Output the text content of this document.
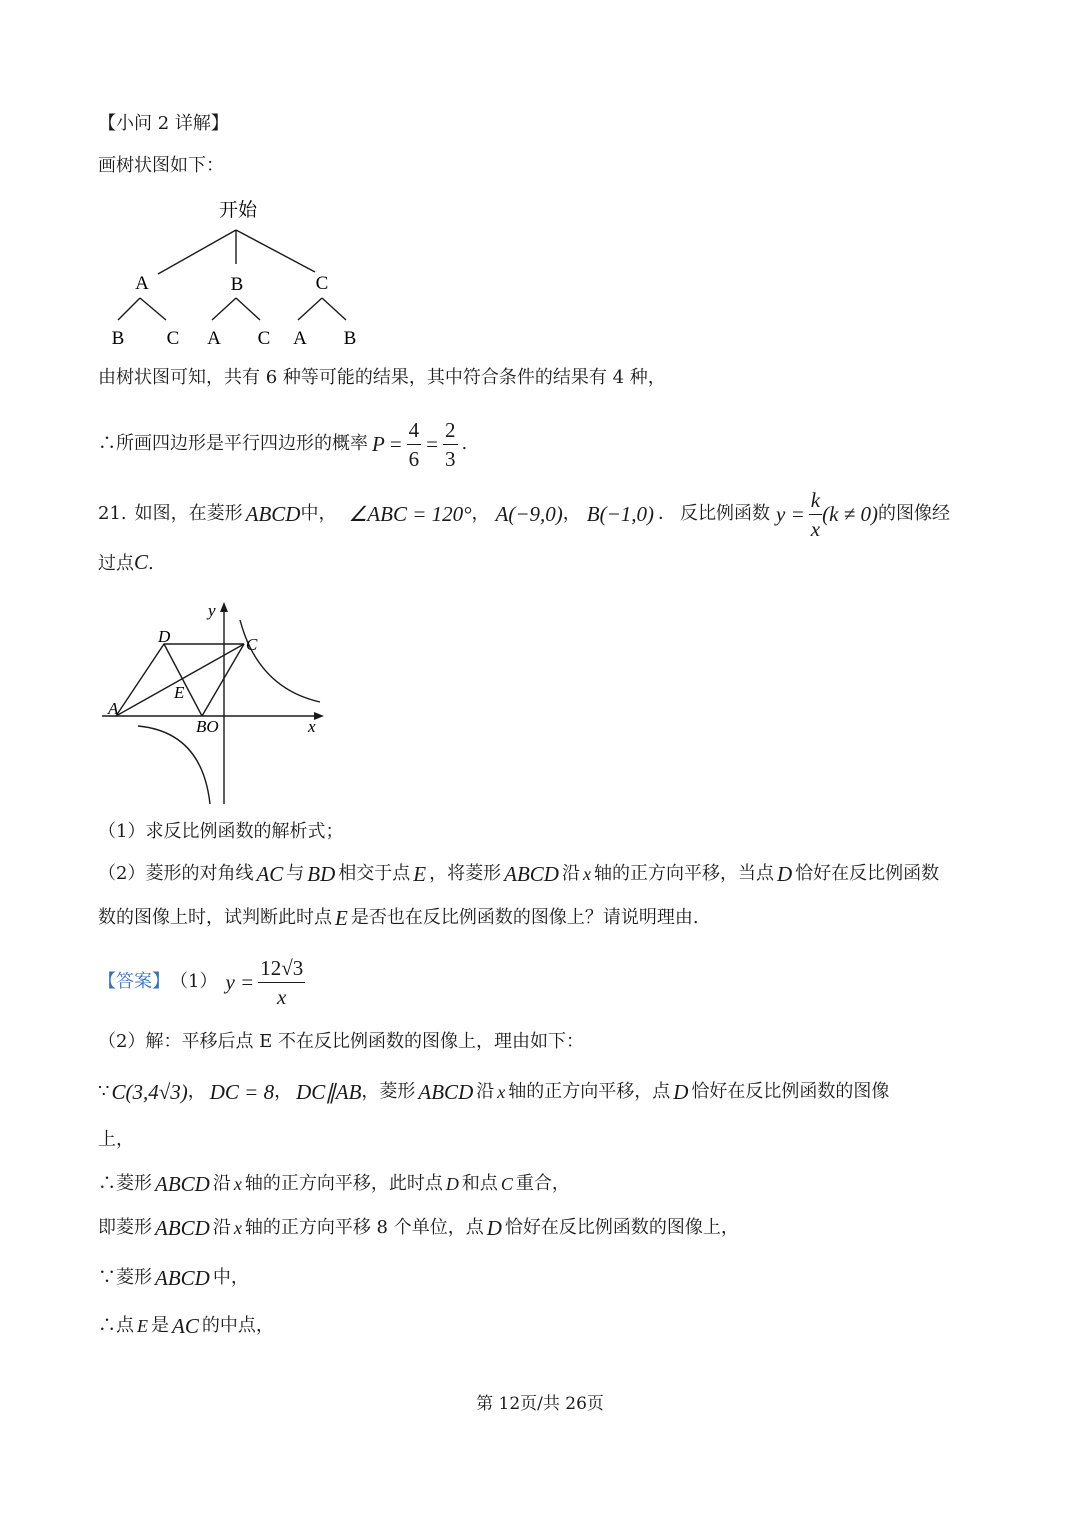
【小问 2 详解】
画树状图如下：
开始
A	B	C
B C A C A B
由树状图可知，共有 6 种等可能的结果，其中符合条件的结果有 4 种，
∴所画四边形是平行四边形的概率 $P = \frac{4}{6} = \frac{2}{3}$ .
21. 如图，在菱形 ABCD 中， ∠ABC = 120° ， A(−9,0) ， B(−1,0) ． 反比例函数 $y = \frac{k}{x} (k \ne 0)$ 的图像经
过点C.
y
x
D	C
E
A
BO
（1）求反比例函数的解析式；
（2）菱形的对角线 AC 与 BD 相交于点 E ，将菱形 ABCD 沿 x 轴的正方向平移，当点 D 恰好在反比例函数
数的图像上时，试判断此时点 E 是否也在反比例函数的图像上？请说明理由.
【答案】 （1） $y = \frac{12√3}{x}$
（2）解：平移后点 E 不在反比例函数的图像上，理由如下：
∵ C(3,4√3) ， DC = 8 ， DC∥AB ，菱形 ABCD 沿 x 轴的正方向平移，点 D 恰好在反比例函数的图像
上，
∴菱形 ABCD 沿 x 轴的正方向平移，此时点 D 和点 C 重合，
即菱形 ABCD 沿 x 轴的正方向平移 8 个单位，点 D 恰好在反比例函数的图像上，
∵菱形 ABCD 中，
∴点 E 是 AC 的中点，
第 12页/共 26页
